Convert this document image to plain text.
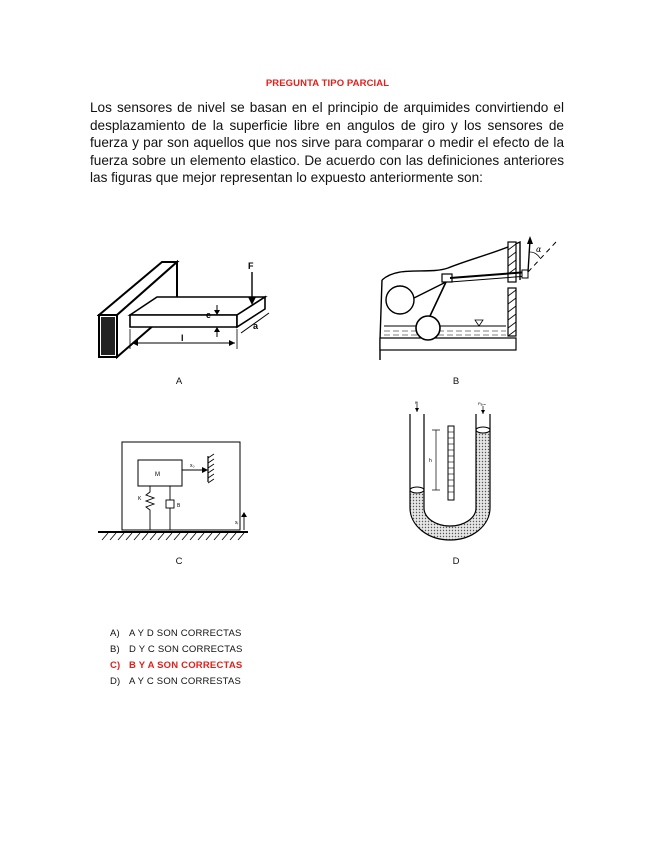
PREGUNTA TIPO PARCIAL

Los sensores de nivel se basan en el principio de arquimides convirtiendo el desplazamiento de la superficie libre en angulos de giro y los sensores de fuerza y par son aquellos que nos sirve para comparar o medir el efecto de la fuerza sobre un elemento elastico. De acuerdo con las definiciones anteriores las figuras que mejor representan lo expuesto anteriormente son:

F
e
l
a
A
α
B
M
x₀
K
B
xᵢ
C
h
P	Pₐₜₘ
D
A) A Y D SON CORRECTAS
B) D Y C SON CORRECTAS
C) B Y A SON CORRECTAS
D) A Y C SON CORRESTAS
